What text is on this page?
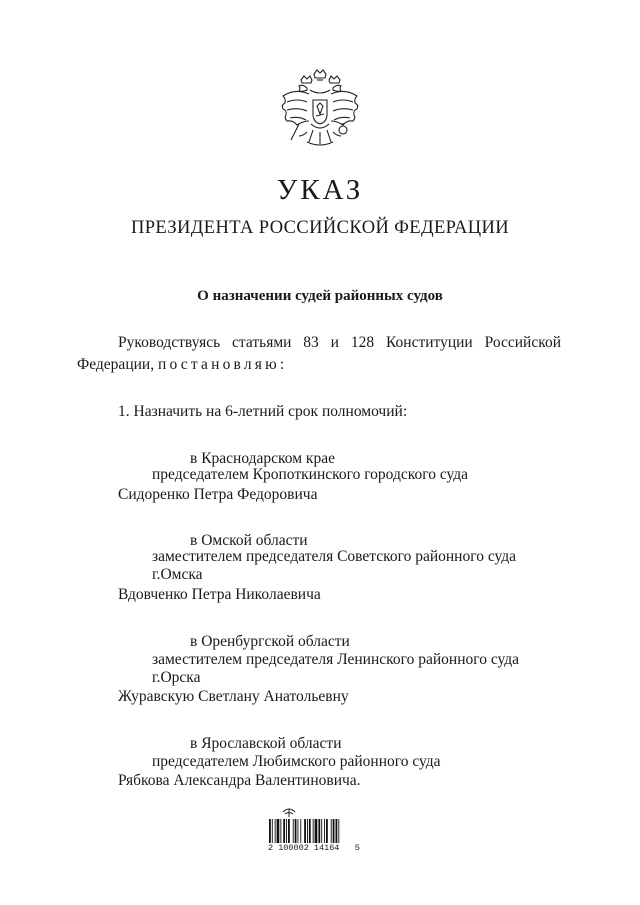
УКАЗ
ПРЕЗИДЕНТА РОССИЙСКОЙ ФЕДЕРАЦИИ
О назначении судей районных судов
Руководствуясь статьями 83 и 128 Конституции Российской
Федерации, постановляю:
1. Назначить на 6-летний срок полномочий:
в Краснодарском крае
председателем Кропоткинского городского суда
Сидоренко Петра Федоровича
в Омской области
заместителем председателя Советского районного суда
г.Омска
Вдовченко Петра Николаевича
в Оренбургской области
заместителем председателя Ленинского районного суда
г.Орска
Журавскую Светлану Анатольевну
в Ярославской области
председателем Любимского районного суда
Рябкова Александра Валентиновича.
2 100002 14164   5
